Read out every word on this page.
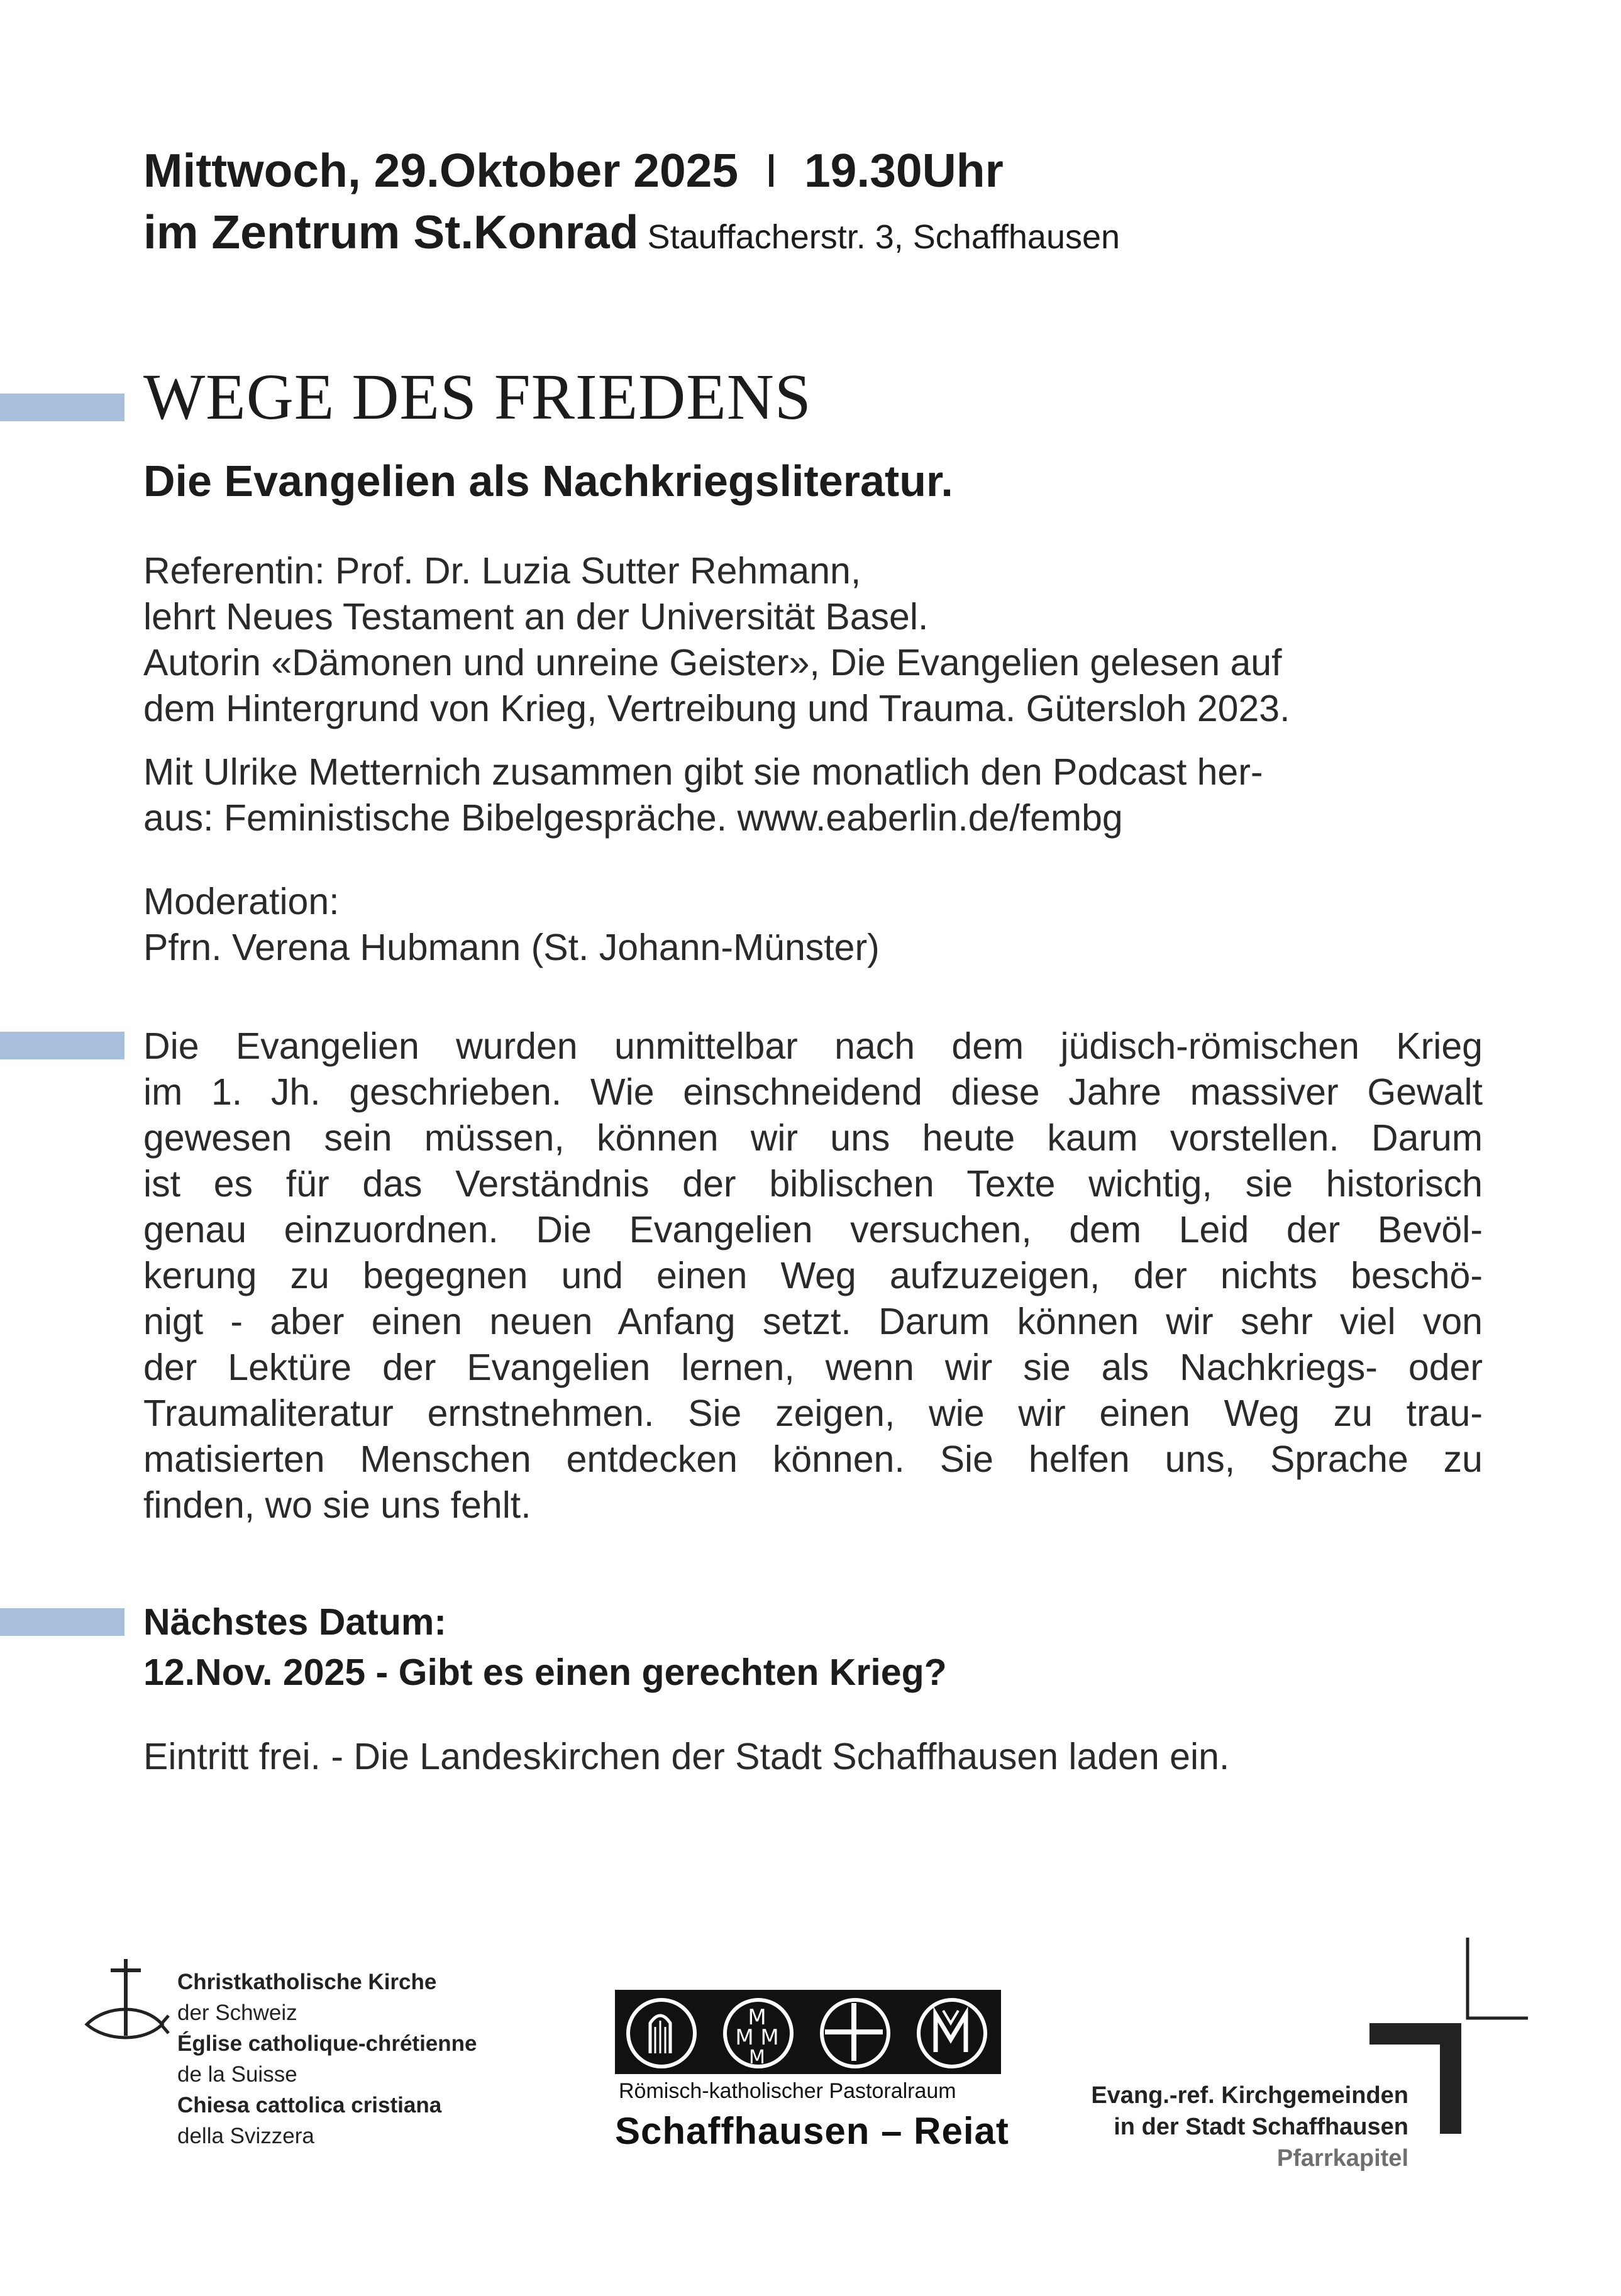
Mittwoch, 29.Oktober 2025 I 19.30Uhr
im Zentrum St.Konrad Stauffacherstr. 3, Schaffhausen
WEGE DES FRIEDENS
Die Evangelien als Nachkriegsliteratur.
Referentin: Prof. Dr. Luzia Sutter Rehmann,
lehrt Neues Testament an der Universität Basel.
Autorin «Dämonen und unreine Geister», Die Evangelien gelesen auf
dem Hintergrund von Krieg, Vertreibung und Trauma. Gütersloh 2023.
Mit Ulrike Metternich zusammen gibt sie monatlich den Podcast her-
aus: Feministische Bibelgespräche. www.eaberlin.de/fembg
Moderation:
Pfrn. Verena Hubmann (St. Johann-Münster)
Die Evangelien wurden unmittelbar nach dem jüdisch-römischen Krieg
im 1. Jh. geschrieben. Wie einschneidend diese Jahre massiver Gewalt
gewesen sein müssen, können wir uns heute kaum vorstellen. Darum
ist es für das Verständnis der biblischen Texte wichtig, sie historisch
genau einzuordnen. Die Evangelien versuchen, dem Leid der Bevöl-
kerung zu begegnen und einen Weg aufzuzeigen, der nichts beschö-
nigt - aber einen neuen Anfang setzt. Darum können wir sehr viel von
der Lektüre der Evangelien lernen, wenn wir sie als Nachkriegs- oder
Traumaliteratur ernstnehmen. Sie zeigen, wie wir einen Weg zu trau-
matisierten Menschen entdecken können. Sie helfen uns, Sprache zu
finden, wo sie uns fehlt.
Nächstes Datum:
12.Nov. 2025 - Gibt es einen gerechten Krieg?
Eintritt frei. - Die Landeskirchen der Stadt Schaffhausen laden ein.
Christkatholische Kirche
der Schweiz
Église catholique-chrétienne
de la Suisse
Chiesa cattolica cristiana
della Svizzera
M
M M
M
Römisch-katholischer Pastoralraum
Schaffhausen – Reiat
Evang.-ref. Kirchgemeinden
in der Stadt Schaffhausen
Pfarrkapitel
